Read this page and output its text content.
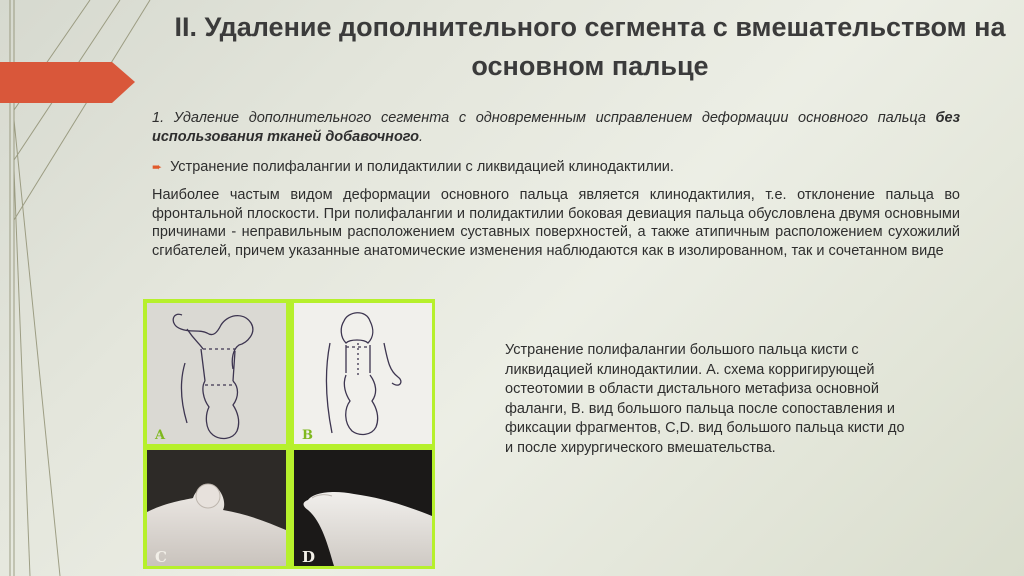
II. Удаление дополнительного сегмента с вмешательством на основном пальце
1. Удаление дополнительного сегмента с одновременным исправлением деформации основного пальца без использования тканей добавочного.
➨ Устранение полифалангии и полидактилии с ликвидацией клинодактилии.
Наиболее частым видом деформации основного пальца является клинодактилия, т.е. отклонение пальца во фронтальной плоскости. При полифалангии и полидактилии боковая девиация пальца обусловлена двумя основными причинами - неправильным расположением суставных поверхностей, а также атипичным расположением сухожилий сгибателей, причем указанные анатомические изменения наблюдаются как в изолированном, так и сочетанном виде
A	B
C	D
Устранение полифалангии большого пальца кисти с ликвидацией клинодактилии. А. схема корригирующей остеотомии в области дистального метафиза основной фаланги, В. вид большого пальца после сопоставления и фиксации фрагментов, С,D. вид большого пальца кисти до и после хирургического вмешательства.
